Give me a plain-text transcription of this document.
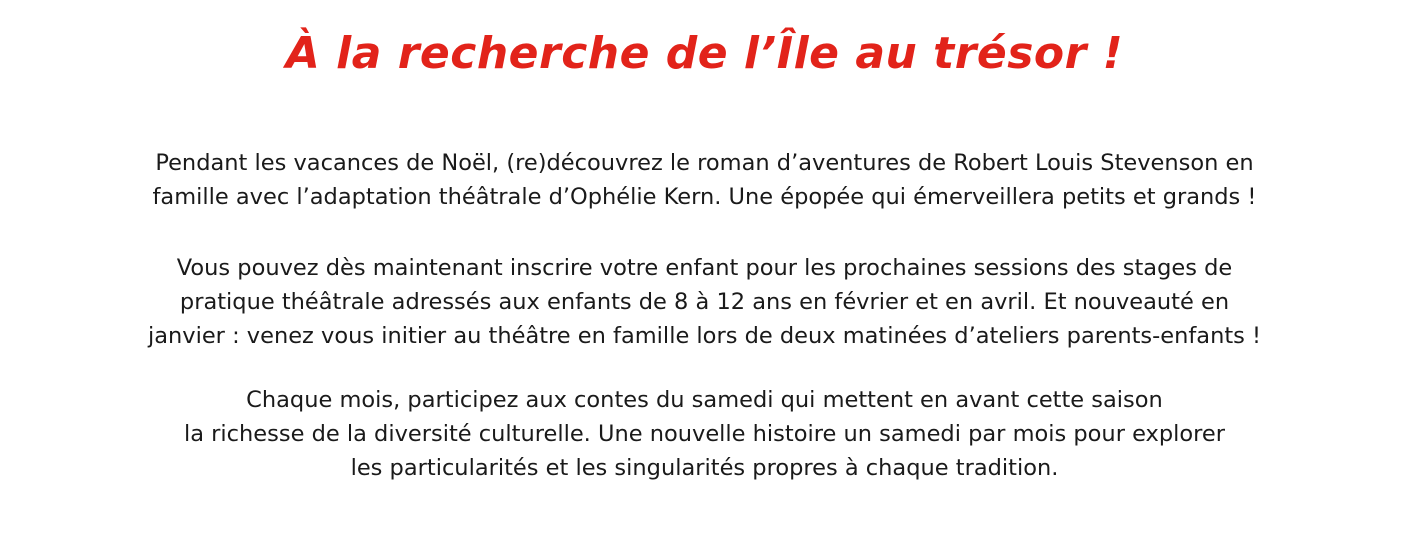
À la recherche de l’Île au trésor !

Pendant les vacances de Noël, (re)découvrez le roman d’aventures de Robert Louis Stevenson en
famille avec l’adaptation théâtrale d’Ophélie Kern. Une épopée qui émerveillera petits et grands !

Vous pouvez dès maintenant inscrire votre enfant pour les prochaines sessions des stages de
pratique théâtrale adressés aux enfants de 8 à 12 ans en février et en avril. Et nouveauté en
janvier : venez vous initier au théâtre en famille lors de deux matinées d’ateliers parents-enfants !

Chaque mois, participez aux contes du samedi qui mettent en avant cette saison
la richesse de la diversité culturelle. Une nouvelle histoire un samedi par mois pour explorer
les particularités et les singularités propres à chaque tradition.
